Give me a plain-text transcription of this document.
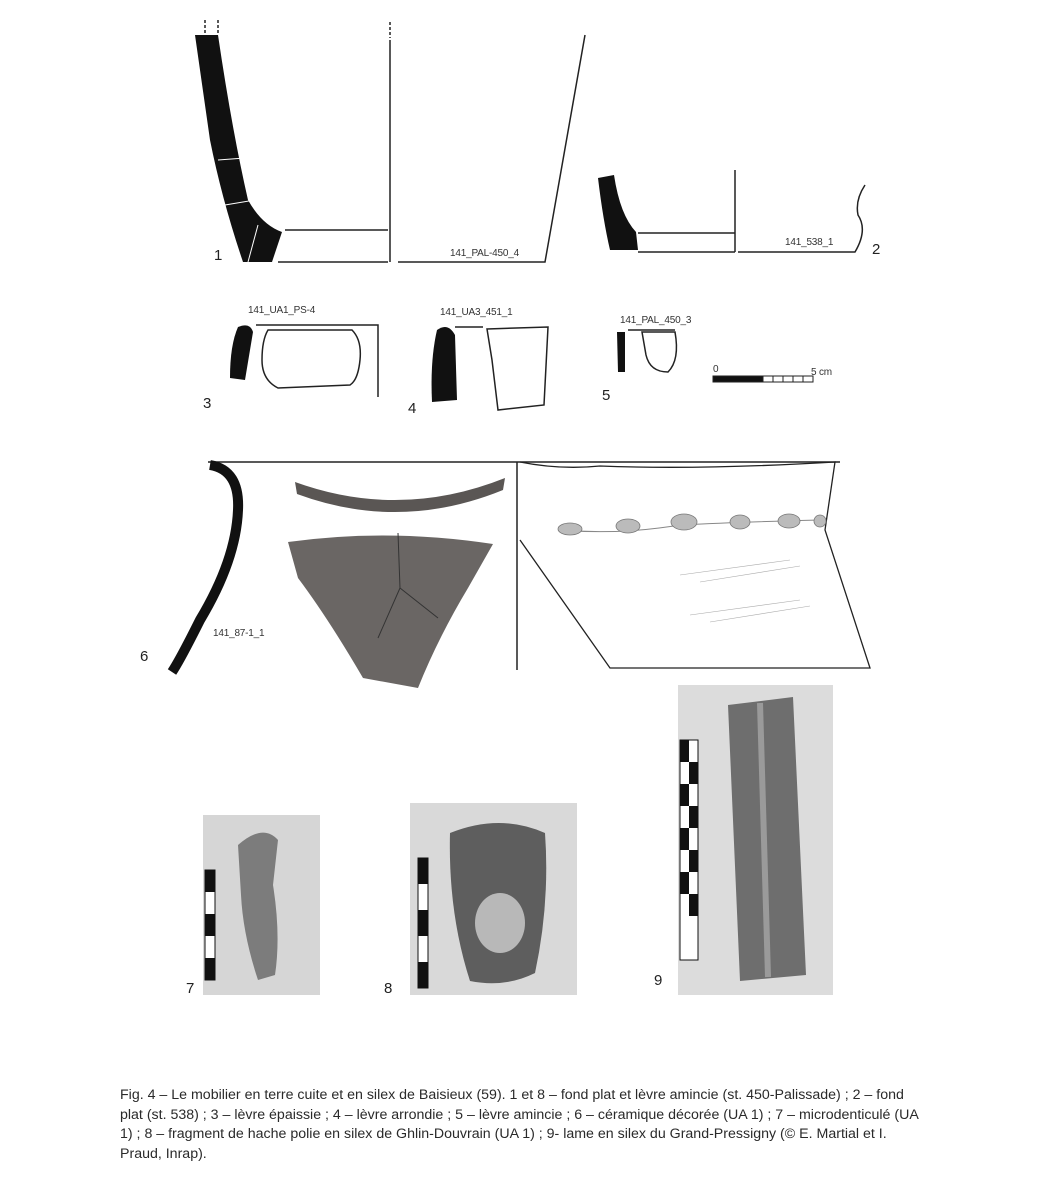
141_PAL-450_4
141_538_1
141_UA1_PS-4	141_UA3_451_1
141_PAL_450_3
141_87-1_1
0	5 cm
1	2
3	4
5
6
7	8	9
Fig. 4 – Le mobilier en terre cuite et en silex de Baisieux (59). 1 et 8 – fond plat et lèvre amincie (st. 450-Palissade) ; 2 – fond plat (st. 538) ; 3 – lèvre épaissie ; 4 – lèvre arrondie ; 5 – lèvre amincie ; 6 – céramique décorée (UA 1) ; 7 – microdenticulé (UA 1) ; 8 – fragment de hache polie en silex de Ghlin-Douvrain (UA 1) ; 9- lame en silex du Grand-Pressigny (© E. Martial et I. Praud, Inrap).
